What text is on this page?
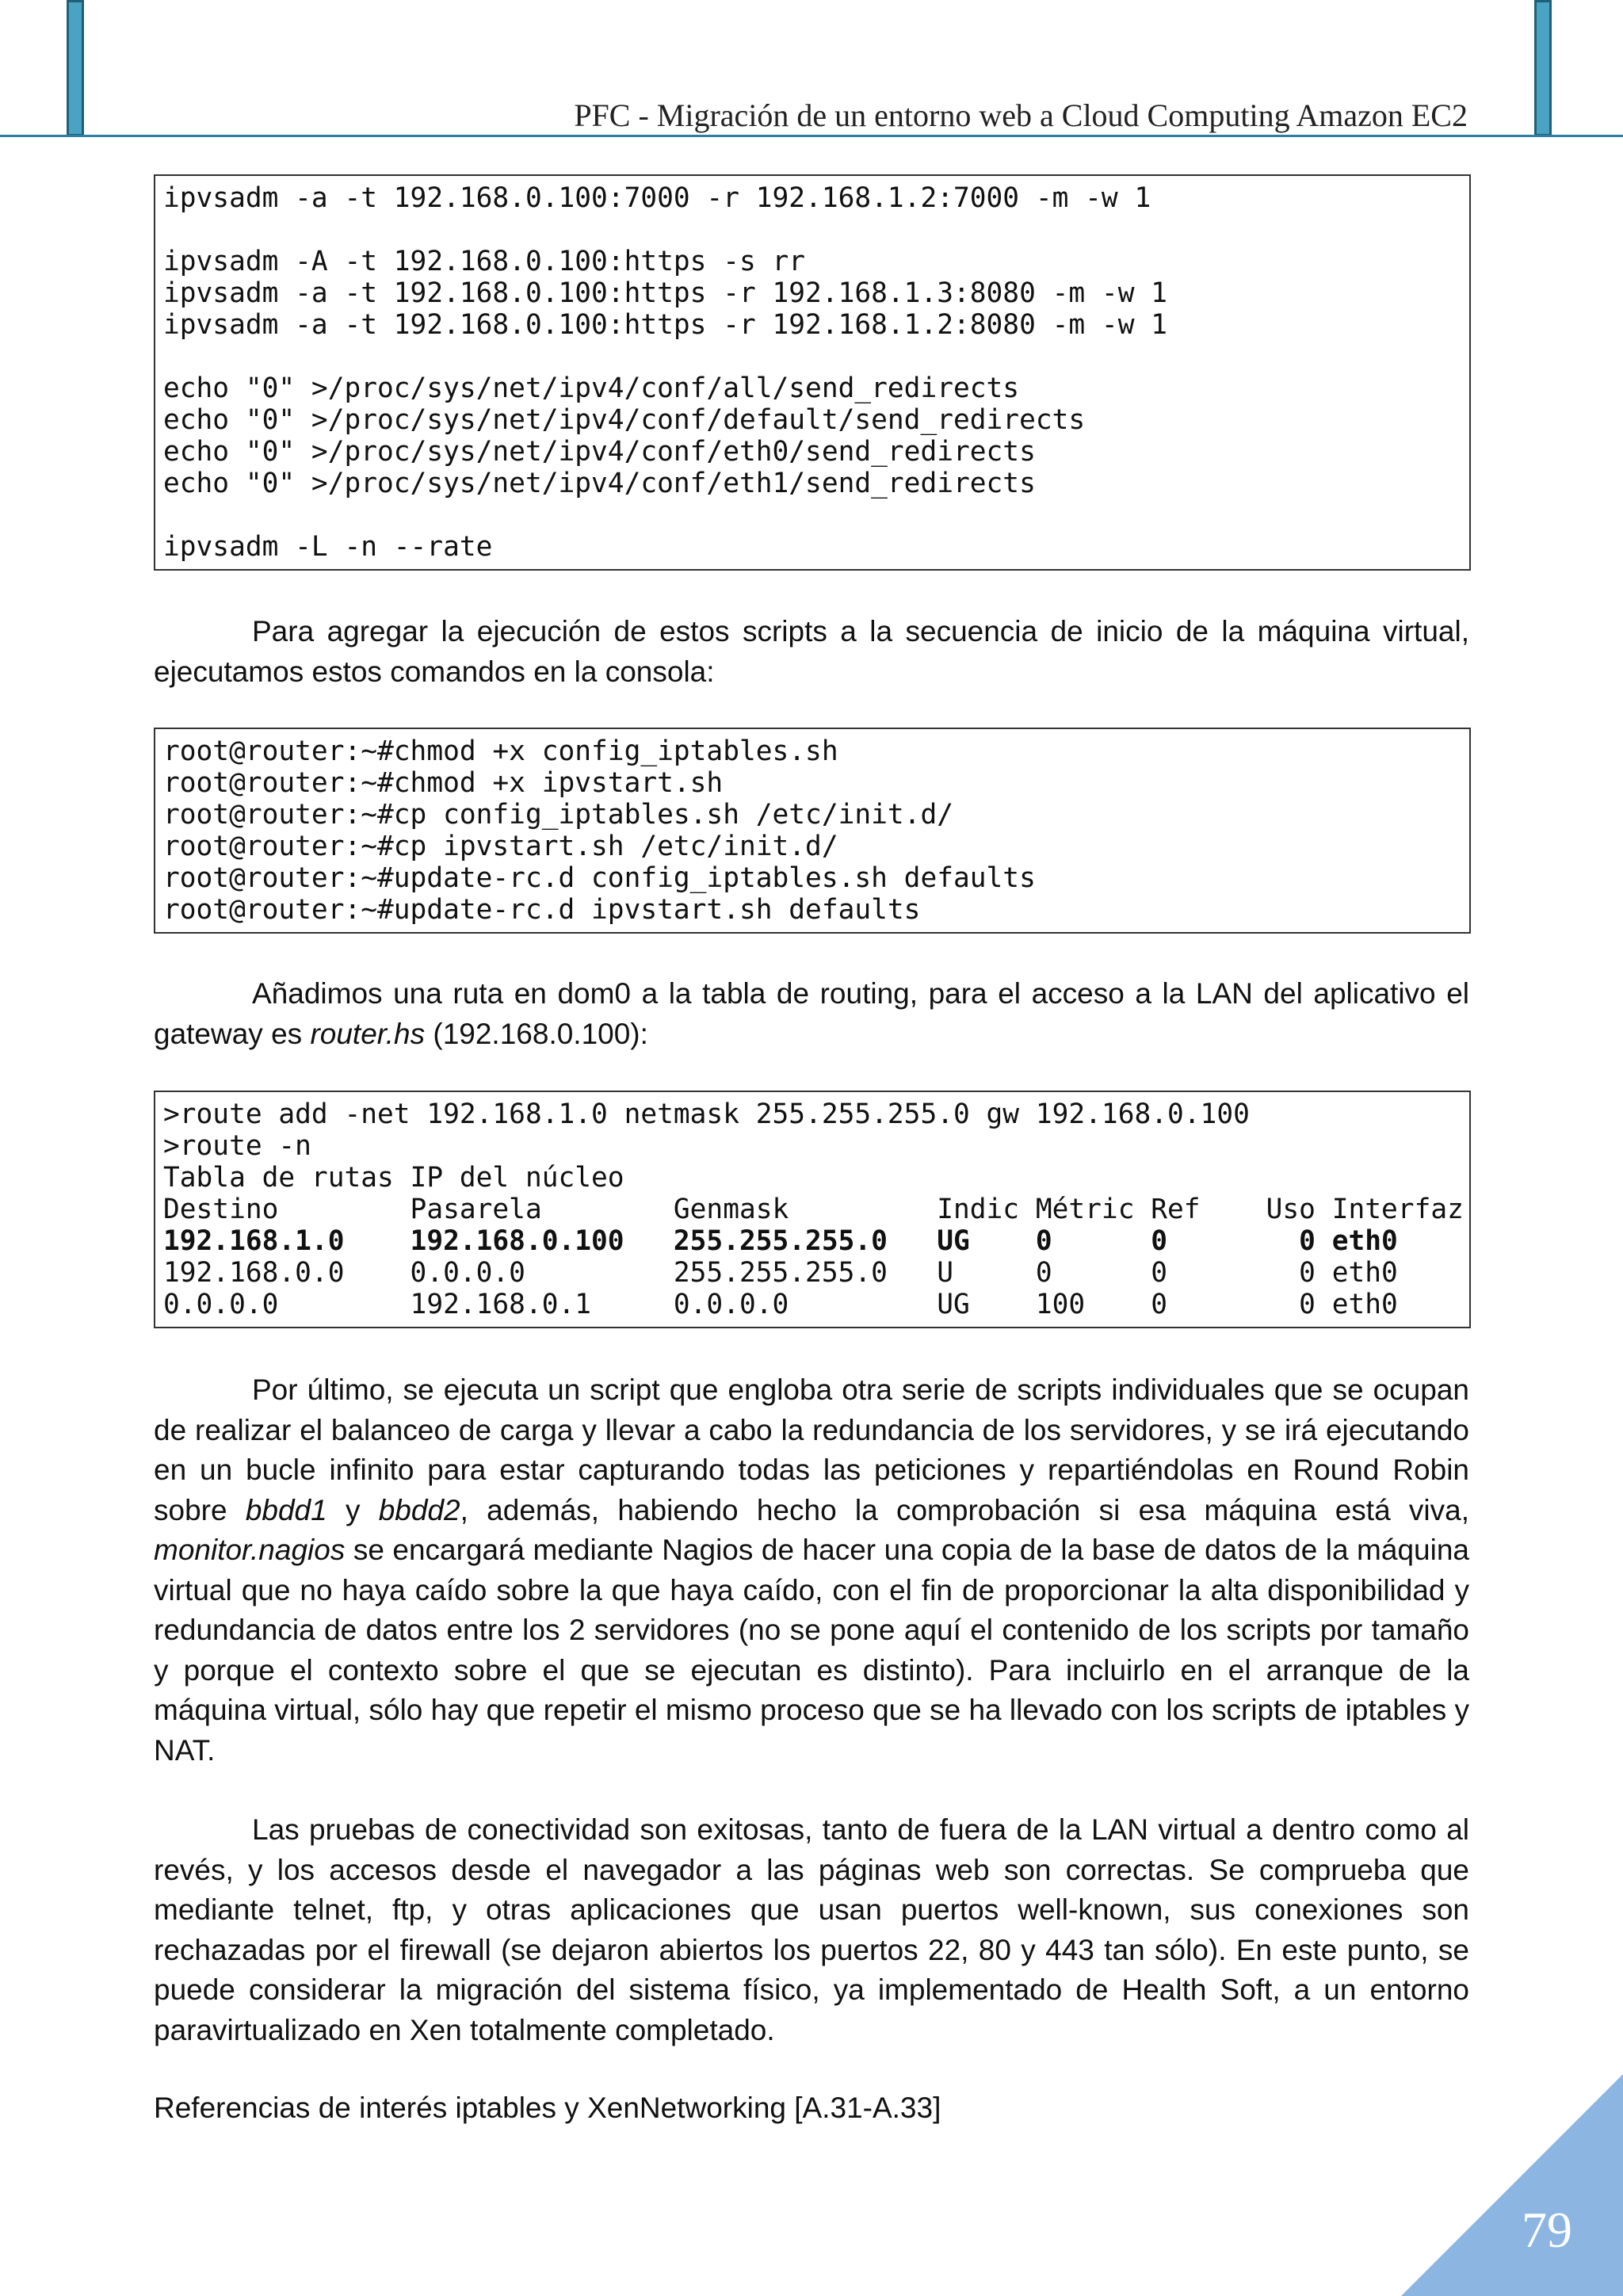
PFC - Migración de un entorno web a Cloud Computing Amazon EC2
ipvsadm -a -t 192.168.0.100:7000 -r 192.168.1.2:7000 -m -w 1
ipvsadm -A -t 192.168.0.100:https -s rr
ipvsadm -a -t 192.168.0.100:https -r 192.168.1.3:8080 -m -w 1
ipvsadm -a -t 192.168.0.100:https -r 192.168.1.2:8080 -m -w 1
echo "0" >/proc/sys/net/ipv4/conf/all/send_redirects
echo "0" >/proc/sys/net/ipv4/conf/default/send_redirects
echo "0" >/proc/sys/net/ipv4/conf/eth0/send_redirects
echo "0" >/proc/sys/net/ipv4/conf/eth1/send_redirects
ipvsadm -L -n --rate
Para agregar la ejecución de estos scripts a la secuencia de inicio de la máquina virtual, ejecutamos estos comandos en la consola:
root@router:~#chmod +x config_iptables.sh
root@router:~#chmod +x ipvstart.sh
root@router:~#cp config_iptables.sh /etc/init.d/
root@router:~#cp ipvstart.sh /etc/init.d/
root@router:~#update-rc.d config_iptables.sh defaults
root@router:~#update-rc.d ipvstart.sh defaults
Añadimos una ruta en dom0 a la tabla de routing, para el acceso a la LAN del aplicativo el gateway es router.hs (192.168.0.100):
>route add -net 192.168.1.0 netmask 255.255.255.0 gw 192.168.0.100
>route -n
Tabla de rutas IP del núcleo
Destino        Pasarela        Genmask         Indic Métric Ref    Uso Interfaz
192.168.1.0    192.168.0.100   255.255.255.0   UG    0      0        0 eth0
192.168.0.0    0.0.0.0         255.255.255.0   U     0      0        0 eth0
0.0.0.0        192.168.0.1     0.0.0.0         UG    100    0        0 eth0
Por último, se ejecuta un script que engloba otra serie de scripts individuales que se ocupan de realizar el balanceo de carga y llevar a cabo la redundancia de los servidores, y se irá ejecutando en un bucle infinito para estar capturando todas las peticiones y repartiéndolas en Round Robin sobre bbdd1 y bbdd2, además, habiendo hecho la comprobación si esa máquina está viva, monitor.nagios se encargará mediante Nagios de hacer una copia de la base de datos de la máquina virtual que no haya caído sobre la que haya caído, con el fin de proporcionar la alta disponibilidad y redundancia de datos entre los 2 servidores (no se pone aquí el contenido de los scripts por tamaño y porque el contexto sobre el que se ejecutan es distinto). Para incluirlo en el arranque de la máquina virtual, sólo hay que repetir el mismo proceso que se ha llevado con los scripts de iptables y NAT.
Las pruebas de conectividad son exitosas, tanto de fuera de la LAN virtual a dentro como al revés, y los accesos desde el navegador a las páginas web son correctas. Se comprueba que mediante telnet, ftp, y otras aplicaciones que usan puertos well-known, sus conexiones son rechazadas por el firewall (se dejaron abiertos los puertos 22, 80 y 443 tan sólo). En este punto, se puede considerar la migración del sistema físico, ya implementado de Health Soft, a un entorno paravirtualizado en Xen totalmente completado.
Referencias de interés iptables y XenNetworking [A.31-A.33]
79
